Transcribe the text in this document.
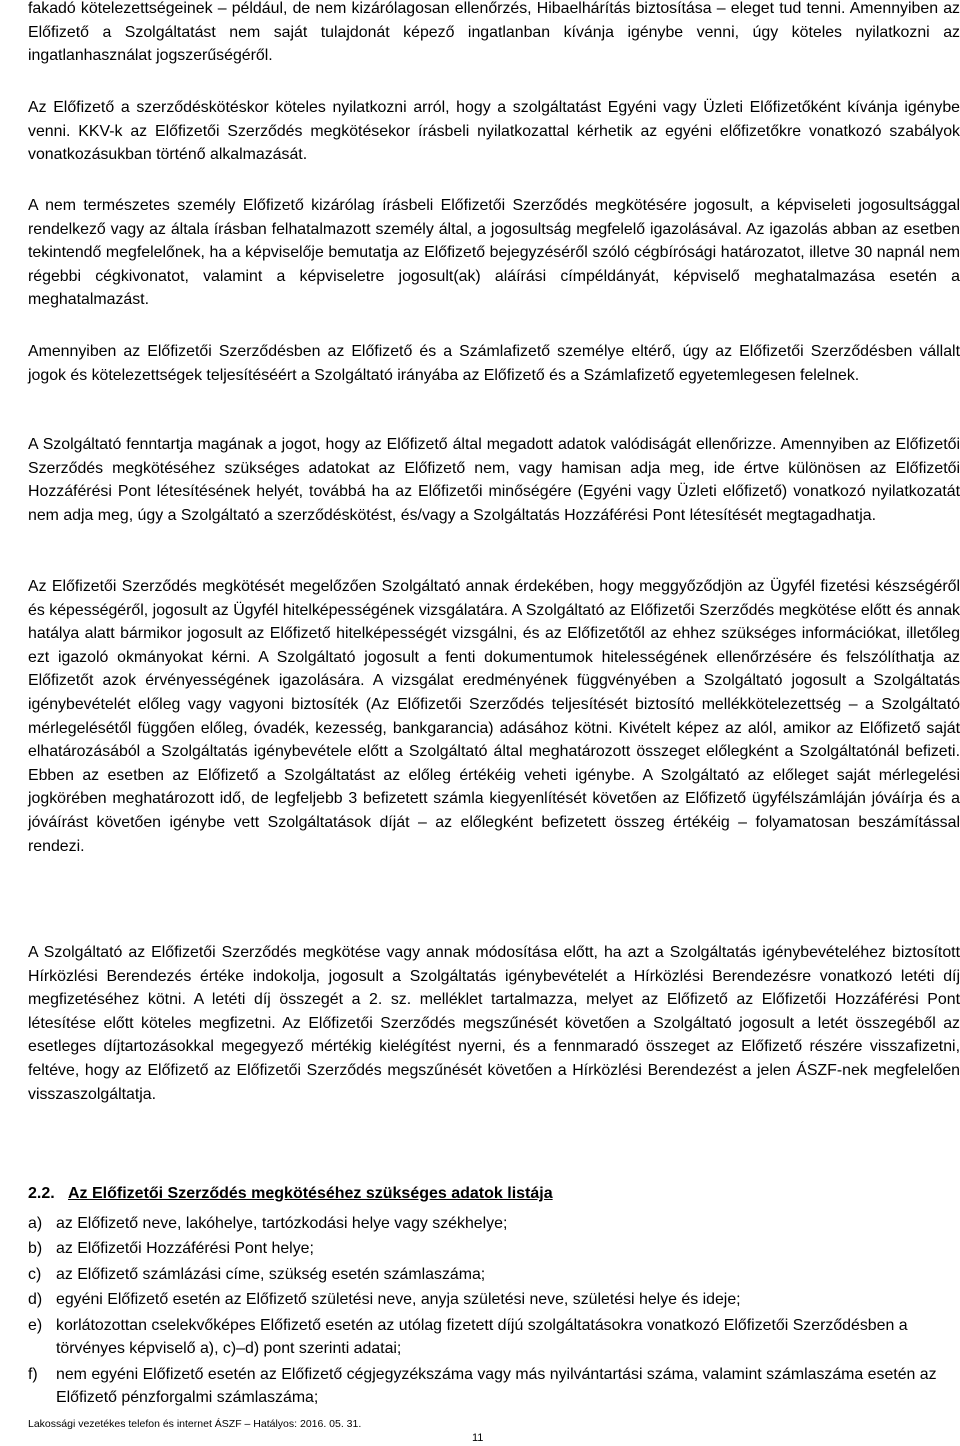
fakadó kötelezettségeinek – például, de nem kizárólagosan ellenőrzés, Hibaelhárítás biztosítása – eleget tud tenni. Amennyiben az Előfizető a Szolgáltatást nem saját tulajdonát képező ingatlanban kívánja igénybe venni, úgy köteles nyilatkozni az ingatlanhasználat jogszerűségéről.

Az Előfizető a szerződéskötéskor köteles nyilatkozni arról, hogy a szolgáltatást Egyéni vagy Üzleti Előfizetőként kívánja igénybe venni. KKV-k az Előfizetői Szerződés megkötésekor írásbeli nyilatkozattal kérhetik az egyéni előfizetőkre vonatkozó szabályok vonatkozásukban történő alkalmazását.

A nem természetes személy Előfizető kizárólag írásbeli Előfizetői Szerződés megkötésére jogosult, a képviseleti jogosultsággal rendelkező vagy az általa írásban felhatalmazott személy által, a jogosultság megfelelő igazolásával. Az igazolás abban az esetben tekintendő megfelelőnek, ha a képviselője bemutatja az Előfizető bejegyzéséről szóló cégbírósági határozatot, illetve 30 napnál nem régebbi cégkivonatot, valamint a képviseletre jogosult(ak) aláírási címpéldányát, képviselő meghatalmazása esetén a meghatalmazást.

Amennyiben az Előfizetői Szerződésben az Előfizető és a Számlafizető személye eltérő, úgy az Előfizetői Szerződésben vállalt jogok és kötelezettségek teljesítéséért a Szolgáltató irányába az Előfizető és a Számlafizető egyetemlegesen felelnek.

A Szolgáltató fenntartja magának a jogot, hogy az Előfizető által megadott adatok valódiságát ellenőrizze. Amennyiben az Előfizetői Szerződés megkötéséhez szükséges adatokat az Előfizető nem, vagy hamisan adja meg, ide értve különösen az Előfizetői Hozzáférési Pont létesítésének helyét, továbbá ha az Előfizetői minőségére (Egyéni vagy Üzleti előfizető) vonatkozó nyilatkozatát nem adja meg, úgy a Szolgáltató a szerződéskötést, és/vagy a Szolgáltatás Hozzáférési Pont létesítését megtagadhatja.

Az Előfizetői Szerződés megkötését megelőzően Szolgáltató annak érdekében, hogy meggyőződjön az Ügyfél fizetési készségéről és képességéről, jogosult az Ügyfél hitelképességének vizsgálatára. A Szolgáltató az Előfizetői Szerződés megkötése előtt és annak hatálya alatt bármikor jogosult az Előfizető hitelképességét vizsgálni, és az Előfizetőtől az ehhez szükséges információkat, illetőleg ezt igazoló okmányokat kérni. A Szolgáltató jogosult a fenti dokumentumok hitelességének ellenőrzésére és felszólíthatja az Előfizetőt azok érvényességének igazolására. A vizsgálat eredményének függvényében a Szolgáltató jogosult a Szolgáltatás igénybevételét előleg vagy vagyoni biztosíték (Az Előfizetői Szerződés teljesítését biztosító mellékkötelezettség – a Szolgáltató mérlegelésétől függően előleg, óvadék, kezesség, bankgarancia) adásához kötni. Kivételt képez az alól, amikor az Előfizető saját elhatározásából a Szolgáltatás igénybevétele előtt a Szolgáltató által meghatározott összeget előlegként a Szolgáltatónál befizeti. Ebben az esetben az Előfizető a Szolgáltatást az előleg értékéig veheti igénybe. A Szolgáltató az előleget saját mérlegelési jogkörében meghatározott idő, de legfeljebb 3 befizetett számla kiegyenlítését követően az Előfizető ügyfélszámláján jóváírja és a jóváírást követően igénybe vett Szolgáltatások díját – az előlegként befizetett összeg értékéig – folyamatosan beszámítással rendezi.

A Szolgáltató az Előfizetői Szerződés megkötése vagy annak módosítása előtt, ha azt a Szolgáltatás igénybevételéhez biztosított Hírközlési Berendezés értéke indokolja, jogosult a Szolgáltatás igénybevételét a Hírközlési Berendezésre vonatkozó letéti díj megfizetéséhez kötni. A letéti díj összegét a 2. sz. melléklet tartalmazza, melyet az Előfizető az Előfizetői Hozzáférési Pont létesítése előtt köteles megfizetni. Az Előfizetői Szerződés megszűnését követően a Szolgáltató jogosult a letét összegéből az esetleges díjtartozásokkal megegyező mértékig kielégítést nyerni, és a fennmaradó összeget az Előfizető részére visszafizetni, feltéve, hogy az Előfizető az Előfizetői Szerződés megszűnését követően a Hírközlési Berendezést a jelen ÁSZF-nek megfelelően visszaszolgáltatja.

2.2. Az Előfizetői Szerződés megkötéséhez szükséges adatok listája
a) az Előfizető neve, lakóhelye, tartózkodási helye vagy székhelye;
b) az Előfizetői Hozzáférési Pont helye;
c) az Előfizető számlázási címe, szükség esetén számlaszáma;
d) egyéni Előfizető esetén az Előfizető születési neve, anyja születési neve, születési helye és ideje;
e) korlátozottan cselekvőképes Előfizető esetén az utólag fizetett díjú szolgáltatásokra vonatkozó Előfizetői Szerződésben a törvényes képviselő a), c)–d) pont szerinti adatai;
f) nem egyéni Előfizető esetén az Előfizető cégjegyzékszáma vagy más nyilvántartási száma, valamint számlaszáma esetén az Előfizető pénzforgalmi számlaszáma;
Lakossági vezetékes telefon és internet ÁSZF – Hatályos: 2016. 05. 31.
11
